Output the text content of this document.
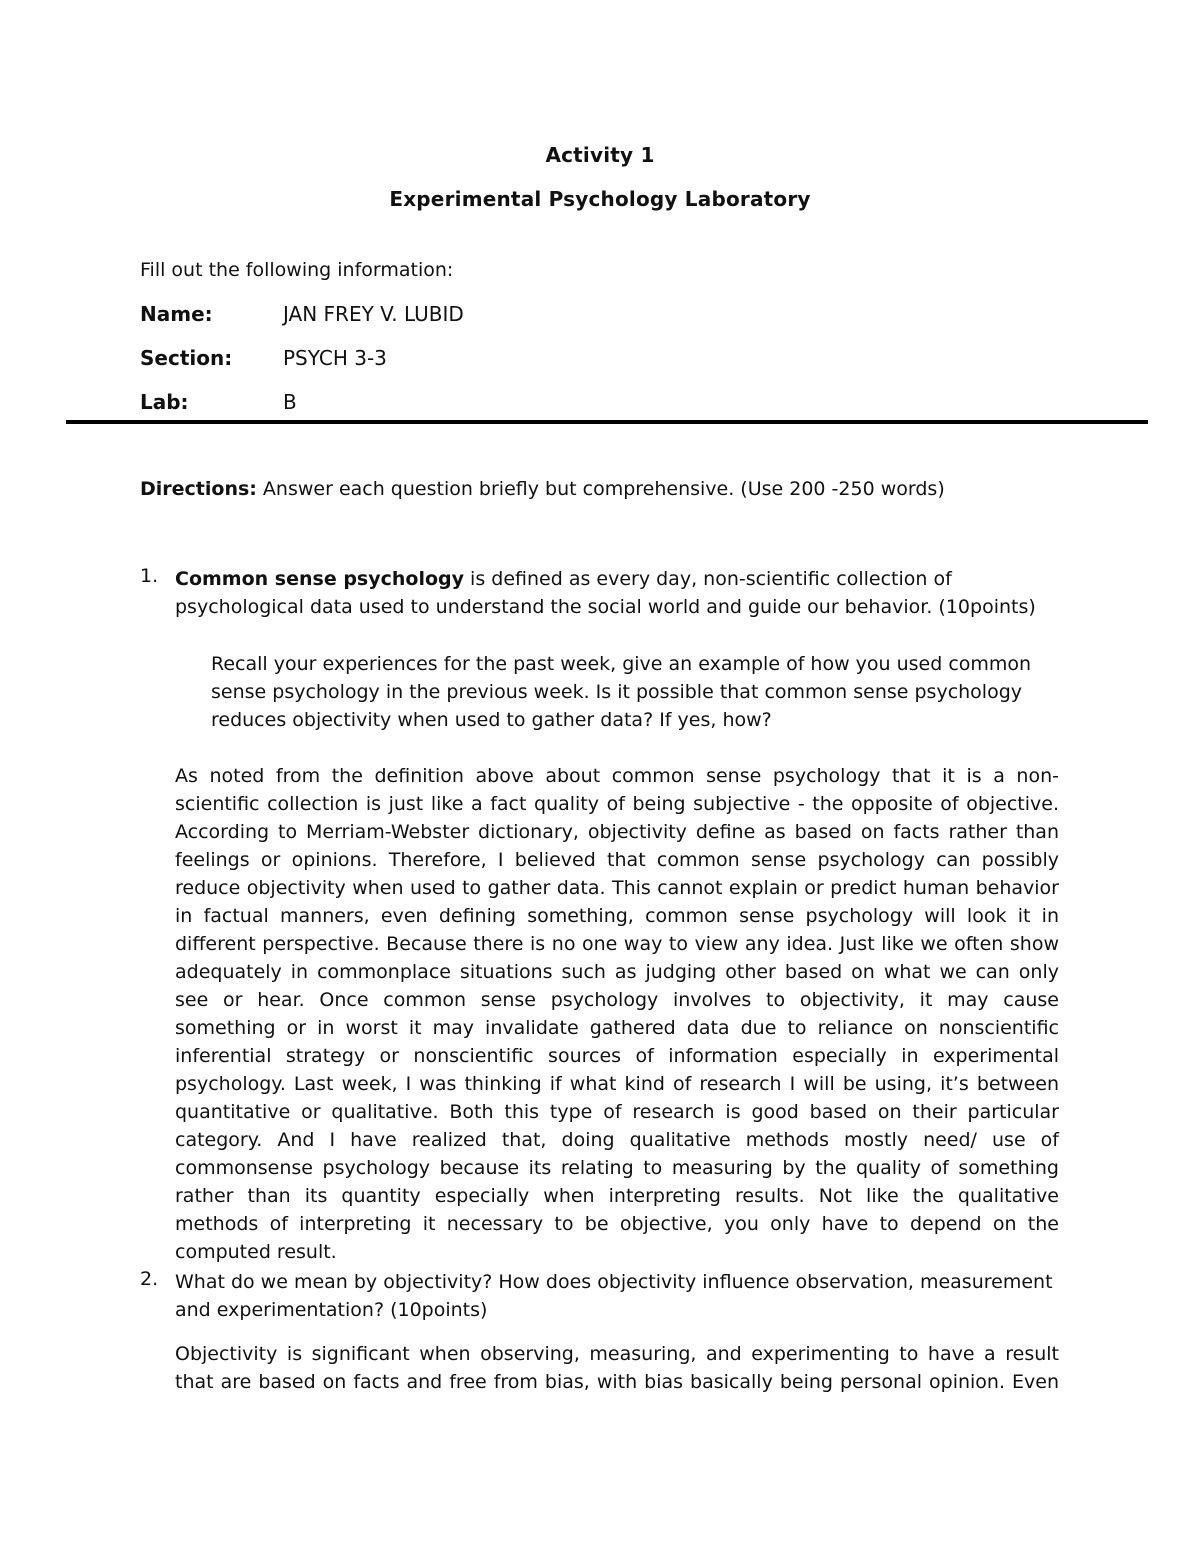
Activity 1
Experimental Psychology Laboratory
Fill out the following information:
Name:	JAN FREY V. LUBID
Section:	PSYCH 3-3
Lab:	B
Directions: Answer each question briefly but comprehensive. (Use 200 -250 words)
1. Common sense psychology is defined as every day, non-scientific collection of psychological data used to understand the social world and guide our behavior. (10points)
Recall your experiences for the past week, give an example of how you used common sense psychology in the previous week. Is it possible that common sense psychology reduces objectivity when used to gather data? If yes, how?
As noted from the definition above about common sense psychology that it is a non-scientific collection is just like a fact quality of being subjective - the opposite of objective. According to Merriam-Webster dictionary, objectivity define as based on facts rather than feelings or opinions. Therefore, I believed that common sense psychology can possibly reduce objectivity when used to gather data. This cannot explain or predict human behavior in factual manners, even defining something, common sense psychology will look it in different perspective. Because there is no one way to view any idea. Just like we often show adequately in commonplace situations such as judging other based on what we can only see or hear. Once common sense psychology involves to objectivity, it may cause something or in worst it may invalidate gathered data due to reliance on nonscientific inferential strategy or nonscientific sources of information especially in experimental psychology. Last week, I was thinking if what kind of research I will be using, it’s between quantitative or qualitative. Both this type of research is good based on their particular category. And I have realized that, doing qualitative methods mostly need/ use of commonsense psychology because its relating to measuring by the quality of something rather than its quantity especially when interpreting results. Not like the qualitative methods of interpreting it necessary to be objective, you only have to depend on the computed result.
2. What do we mean by objectivity? How does objectivity influence observation, measurement and experimentation? (10points)

Objectivity is significant when observing, measuring, and experimenting to have a result that are based on facts and free from bias, with bias basically being personal opinion. Even
